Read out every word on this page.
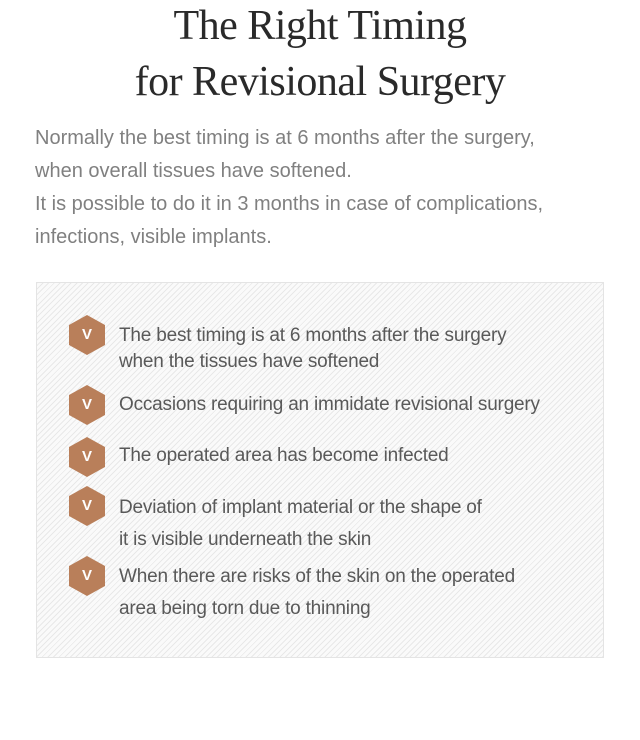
The Right Timing
for Revisional Surgery
Normally the best timing is at 6 months after the surgery,
when overall tissues have softened.
It is possible to do it in 3 months in case of complications,
infections, visible implants.
V	The best timing is at 6 months after the surgery
when the tissues have softened
V	Occasions requiring an immidate revisional surgery
V	The operated area has become infected
V	Deviation of implant material or the shape of
it is visible underneath the skin
V	When there are risks of the skin on the operated
area being torn due to thinning
